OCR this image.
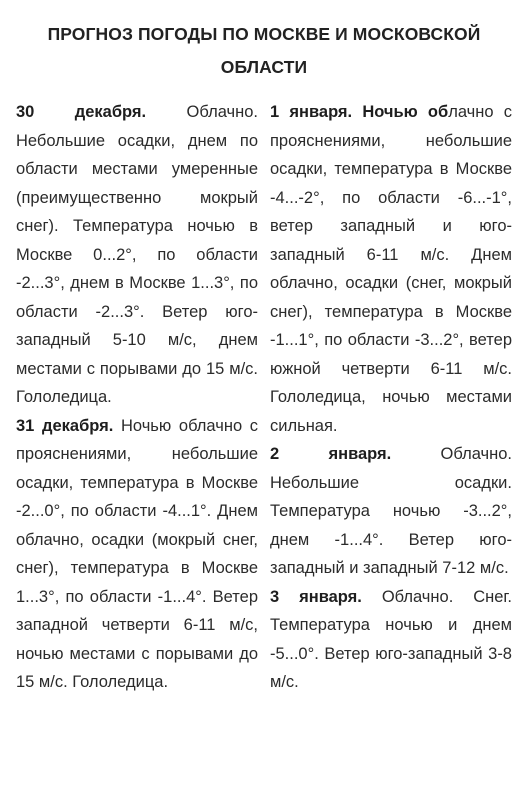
ПРОГНОЗ ПОГОДЫ ПО МОСКВЕ И МОСКОВСКОЙ ОБЛАСТИ

30 декабря. Облачно. Небольшие осадки, днем по области местами умеренные (преимущественно мокрый снег). Температура ночью в Москве 0...2°, по области -2...3°, днем в Москве 1...3°, по области -2...3°. Ветер юго-западный 5-10 м/с, днем местами с порывами до 15 м/с. Гололедица.

31 декабря. Ночью облачно с прояснениями, небольшие осадки, температура в Москве -2...0°, по области -4...1°. Днем облачно, осадки (мокрый снег, снег), температура в Москве 1...3°, по области -1...4°. Ветер западной четверти 6-11 м/с, ночью местами с порывами до 15 м/с. Гололедица.

1 января. Ночью облачно с прояснениями, небольшие осадки, температура в Москве -4...-2°, по области -6...-1°, ветер западный и юго-западный 6-11 м/с. Днем облачно, осадки (снег, мокрый снег), температура в Москве -1...1°, по области -3...2°, ветер южной четверти 6-11 м/с. Гололедица, ночью местами сильная.

2 января. Облачно. Небольшие осадки. Температура ночью -3...2°, днем -1...4°. Ветер юго-западный и западный 7-12 м/с.

3 января. Облачно. Снег. Температура ночью и днем -5...0°. Ветер юго-западный 3-8 м/с.
